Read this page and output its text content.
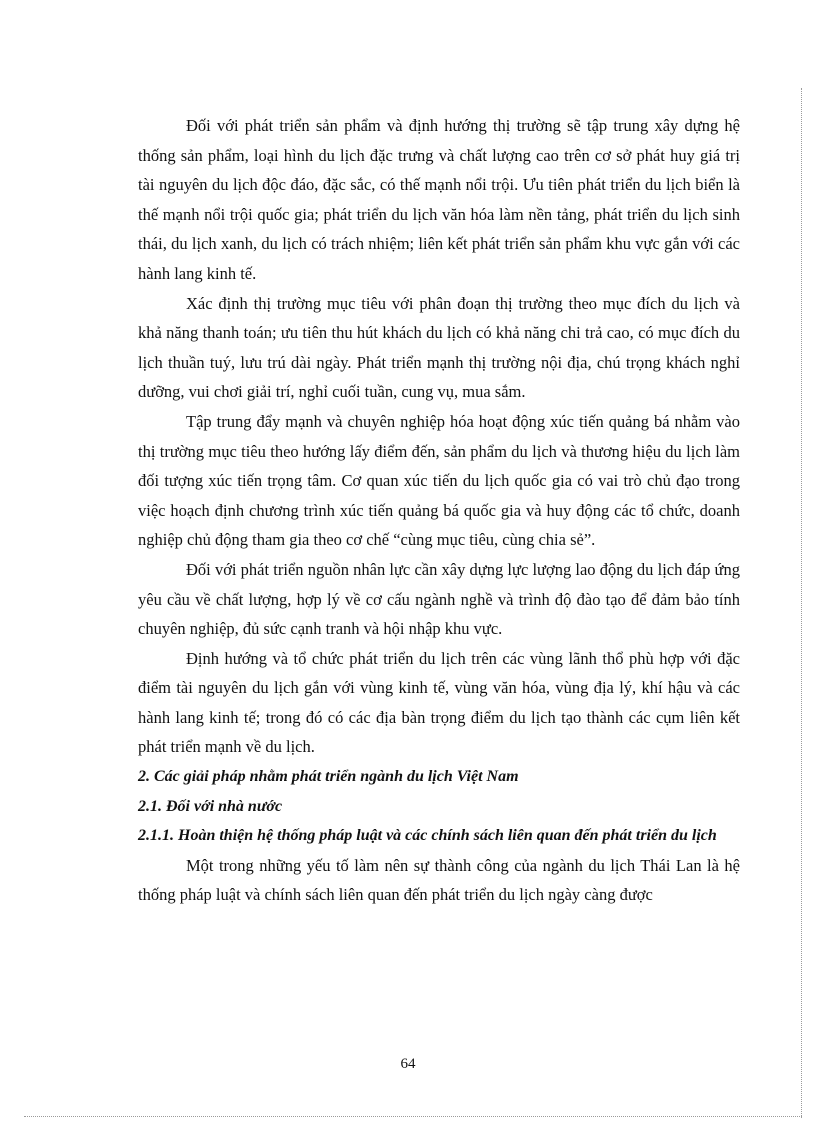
Đối với phát triển sản phẩm và định hướng thị trường sẽ tập trung xây dựng hệ thống sản phẩm, loại hình du lịch đặc trưng và chất lượng cao trên cơ sở phát huy giá trị tài nguyên du lịch độc đáo, đặc sắc, có thế mạnh nổi trội. Ưu tiên phát triển du lịch biển là thế mạnh nổi trội quốc gia; phát triển du lịch văn hóa làm nền tảng, phát triển du lịch sinh thái, du lịch xanh, du lịch có trách nhiệm; liên kết phát triển sản phẩm khu vực gắn với các hành lang kinh tế.

Xác định thị trường mục tiêu với phân đoạn thị trường theo mục đích du lịch và khả năng thanh toán; ưu tiên thu hút khách du lịch có khả năng chi trả cao, có mục đích du lịch thuần tuý, lưu trú dài ngày. Phát triển mạnh thị trường nội địa, chú trọng khách nghỉ dưỡng, vui chơi giải trí, nghỉ cuối tuần, cung vụ, mua sắm.

Tập trung đẩy mạnh và chuyên nghiệp hóa hoạt động xúc tiến quảng bá nhằm vào thị trường mục tiêu theo hướng lấy điểm đến, sản phẩm du lịch và thương hiệu du lịch làm đối tượng xúc tiến trọng tâm. Cơ quan xúc tiến du lịch quốc gia có vai trò chủ đạo trong việc hoạch định chương trình xúc tiến quảng bá quốc gia và huy động các tổ chức, doanh nghiệp chủ động tham gia theo cơ chế “cùng mục tiêu, cùng chia sẻ”.

Đối với phát triển nguồn nhân lực cần xây dựng lực lượng lao động du lịch đáp ứng yêu cầu về chất lượng, hợp lý về cơ cấu ngành nghề và trình độ đào tạo để đảm bảo tính chuyên nghiệp, đủ sức cạnh tranh và hội nhập khu vực.

Định hướng và tổ chức phát triển du lịch trên các vùng lãnh thổ phù hợp với đặc điểm tài nguyên du lịch gắn với vùng kinh tế, vùng văn hóa, vùng địa lý, khí hậu và các hành lang kinh tế; trong đó có các địa bàn trọng điểm du lịch tạo thành các cụm liên kết phát triển mạnh về du lịch.

2. Các giải pháp nhằm phát triển ngành du lịch Việt Nam

2.1. Đối với nhà nước

2.1.1. Hoàn thiện hệ thống pháp luật và các chính sách liên quan đến phát triển du lịch

Một trong những yếu tố làm nên sự thành công của ngành du lịch Thái Lan là hệ thống pháp luật và chính sách liên quan đến phát triển du lịch ngày càng được

64
